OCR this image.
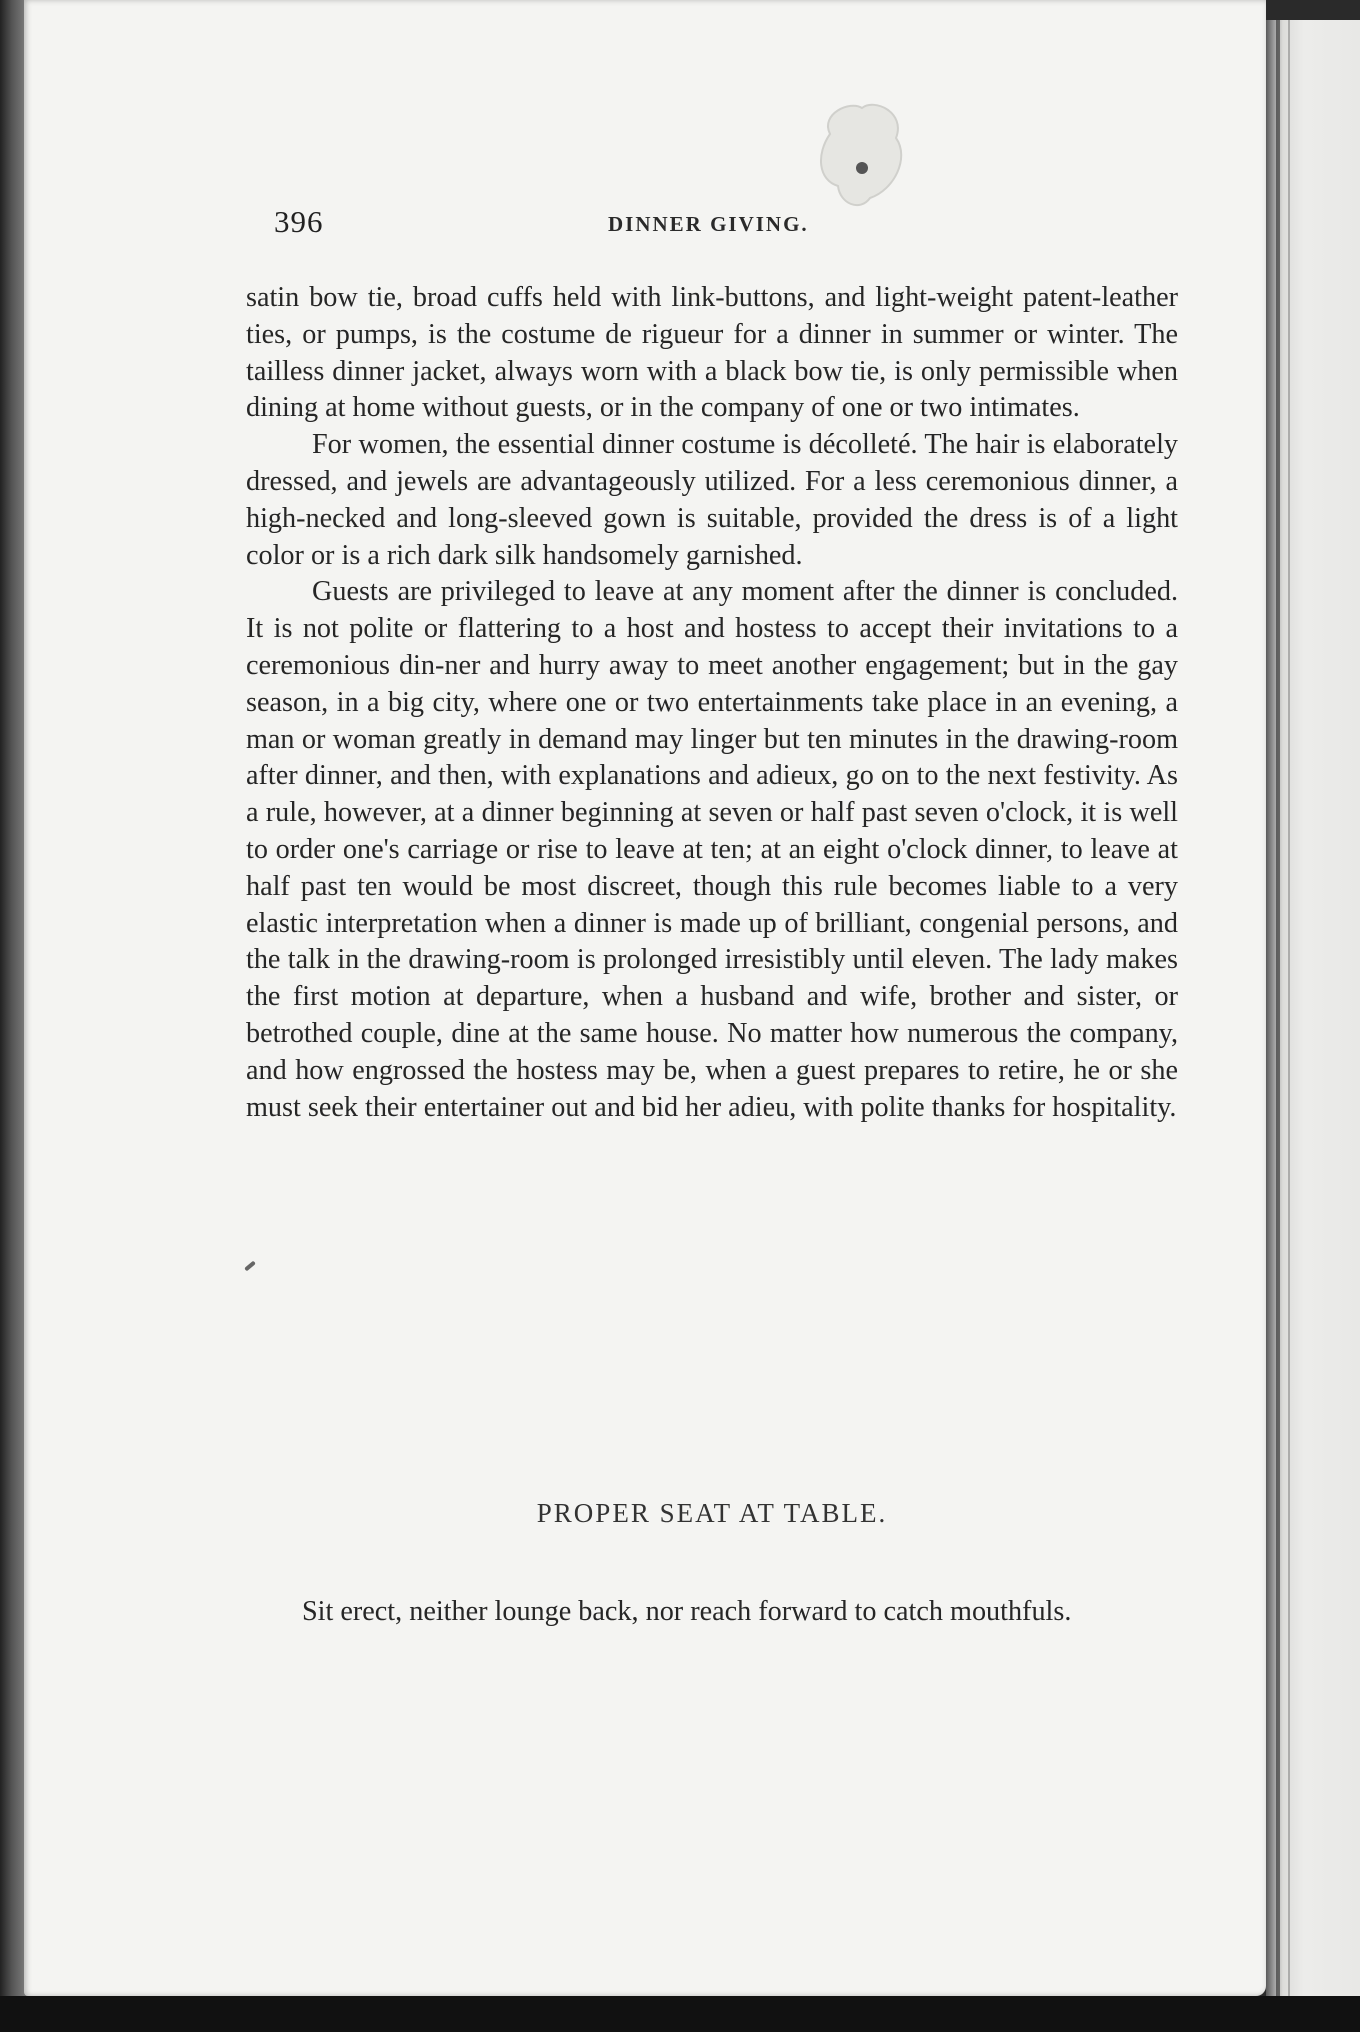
396	DINNER GIVING.

satin bow tie, broad cuffs held with link-buttons, and light-weight patent-leather ties, or pumps, is the costume de rigueur for a dinner in summer or winter. The tailless dinner jacket, always worn with a black bow tie, is only permissible when dining at home without guests, or in the company of one or two intimates.

For women, the essential dinner costume is décolleté. The hair is elaborately dressed, and jewels are advantageously utilized. For a less ceremonious dinner, a high-necked and long-sleeved gown is suitable, provided the dress is of a light color or is a rich dark silk handsomely garnished.

Guests are privileged to leave at any moment after the dinner is concluded. It is not polite or flattering to a host and hostess to accept their invitations to a ceremonious din-ner and hurry away to meet another engagement; but in the gay season, in a big city, where one or two entertainments take place in an evening, a man or woman greatly in demand may linger but ten minutes in the drawing-room after dinner, and then, with explanations and adieux, go on to the next festivity. As a rule, however, at a dinner beginning at seven or half past seven o'clock, it is well to order one's carriage or rise to leave at ten; at an eight o'clock dinner, to leave at half past ten would be most discreet, though this rule becomes liable to a very elastic interpretation when a dinner is made up of brilliant, congenial persons, and the talk in the drawing-room is prolonged irresistibly until eleven. The lady makes the first motion at departure, when a husband and wife, brother and sister, or betrothed couple, dine at the same house. No matter how numerous the company, and how engrossed the hostess may be, when a guest prepares to retire, he or she must seek their entertainer out and bid her adieu, with polite thanks for hospitality.

PROPER SEAT AT TABLE.

Sit erect, neither lounge back, nor reach forward to catch mouthfuls.
